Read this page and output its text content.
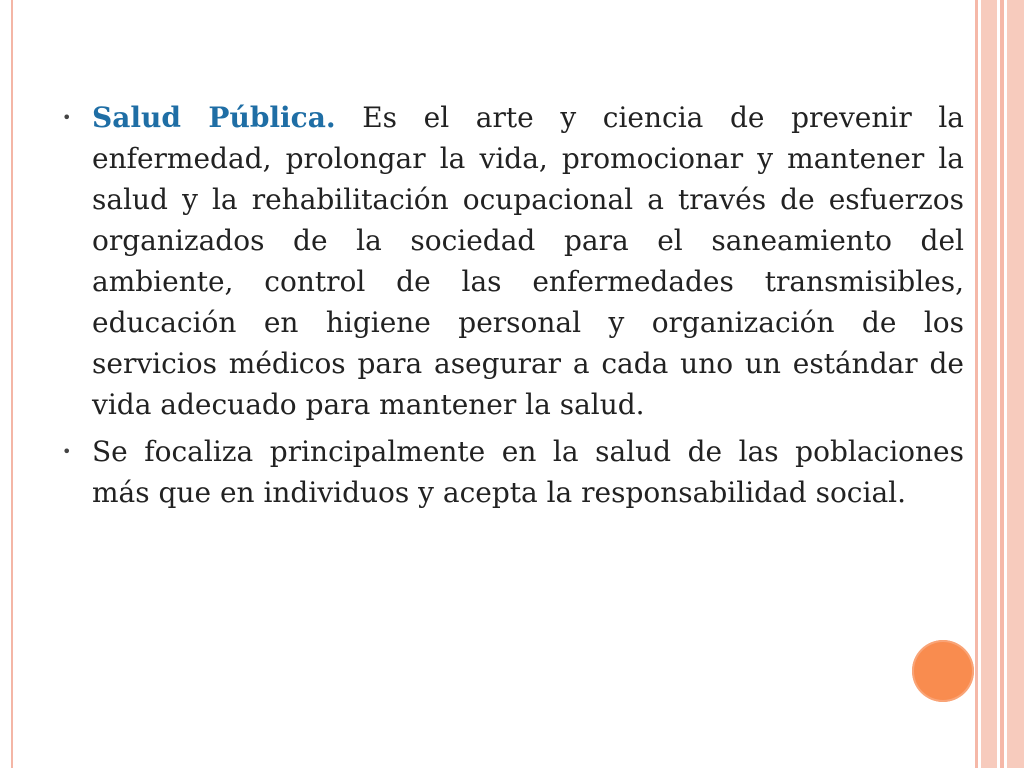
• Salud Pública. Es el arte y ciencia de prevenir la enfermedad, prolongar la vida, promocionar y mantener la salud y la rehabilitación ocupacional a través de esfuerzos organizados de la sociedad para el saneamiento del ambiente, control de las enfermedades transmisibles, educación en higiene personal y organización de los servicios médicos para asegurar a cada uno un estándar de vida adecuado para mantener la salud.
• Se focaliza principalmente en la salud de las poblaciones más que en individuos y acepta la responsabilidad social.
